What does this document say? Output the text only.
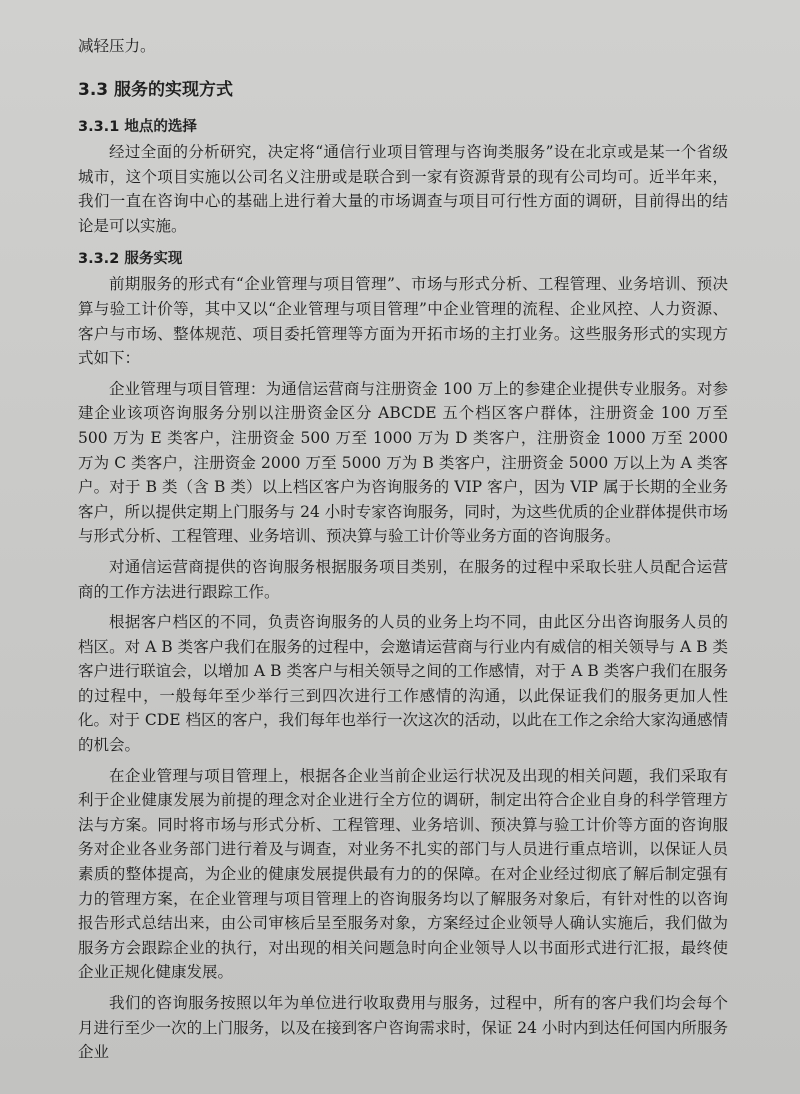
减轻压力。
3.3 服务的实现方式
3.3.1 地点的选择

经过全面的分析研究，决定将“通信行业项目管理与咨询类服务”设在北京或是某一个省级城市，这个项目实施以公司名义注册或是联合到一家有资源背景的现有公司均可。近半年来，我们一直在咨询中心的基础上进行着大量的市场调查与项目可行性方面的调研，目前得出的结论是可以实施。

3.3.2 服务实现

前期服务的形式有“企业管理与项目管理”、市场与形式分析、工程管理、业务培训、预决算与验工计价等，其中又以“企业管理与项目管理”中企业管理的流程、企业风控、人力资源、客户与市场、整体规范、项目委托管理等方面为开拓市场的主打业务。这些服务形式的实现方式如下：

企业管理与项目管理：为通信运营商与注册资金 100 万上的参建企业提供专业服务。对参建企业该项咨询服务分别以注册资金区分 ABCDE 五个档区客户群体，注册资金 100 万至 500 万为 E 类客户，注册资金 500 万至 1000 万为 D 类客户，注册资金 1000 万至 2000 万为 C 类客户，注册资金 2000 万至 5000 万为 B 类客户，注册资金 5000 万以上为 A 类客户。对于 B 类（含 B 类）以上档区客户为咨询服务的 VIP 客户，因为 VIP 属于长期的全业务客户，所以提供定期上门服务与 24 小时专家咨询服务，同时，为这些优质的企业群体提供市场与形式分析、工程管理、业务培训、预决算与验工计价等业务方面的咨询服务。

对通信运营商提供的咨询服务根据服务项目类别，在服务的过程中采取长驻人员配合运营商的工作方法进行跟踪工作。

根据客户档区的不同，负责咨询服务的人员的业务上均不同，由此区分出咨询服务人员的档区。对 A B 类客户我们在服务的过程中，会邀请运营商与行业内有威信的相关领导与 A B 类客户进行联谊会，以增加 A B 类客户与相关领导之间的工作感情，对于 A B 类客户我们在服务的过程中，一般每年至少举行三到四次进行工作感情的沟通，以此保证我们的服务更加人性化。对于 CDE 档区的客户，我们每年也举行一次这次的活动，以此在工作之余给大家沟通感情的机会。

在企业管理与项目管理上，根据各企业当前企业运行状况及出现的相关问题，我们采取有利于企业健康发展为前提的理念对企业进行全方位的调研，制定出符合企业自身的科学管理方法与方案。同时将市场与形式分析、工程管理、业务培训、预决算与验工计价等方面的咨询服务对企业各业务部门进行着及与调查，对业务不扎实的部门与人员进行重点培训，以保证人员素质的整体提高，为企业的健康发展提供最有力的的保障。在对企业经过彻底了解后制定强有力的管理方案，在企业管理与项目管理上的咨询服务均以了解服务对象后，有针对性的以咨询报告形式总结出来，由公司审核后呈至服务对象，方案经过企业领导人确认实施后，我们做为服务方会跟踪企业的执行，对出现的相关问题急时向企业领导人以书面形式进行汇报，最终使企业正规化健康发展。

我们的咨询服务按照以年为单位进行收取费用与服务，过程中，所有的客户我们均会每个月进行至少一次的上门服务，以及在接到客户咨询需求时，保证 24 小时内到达任何国内所服务企业
